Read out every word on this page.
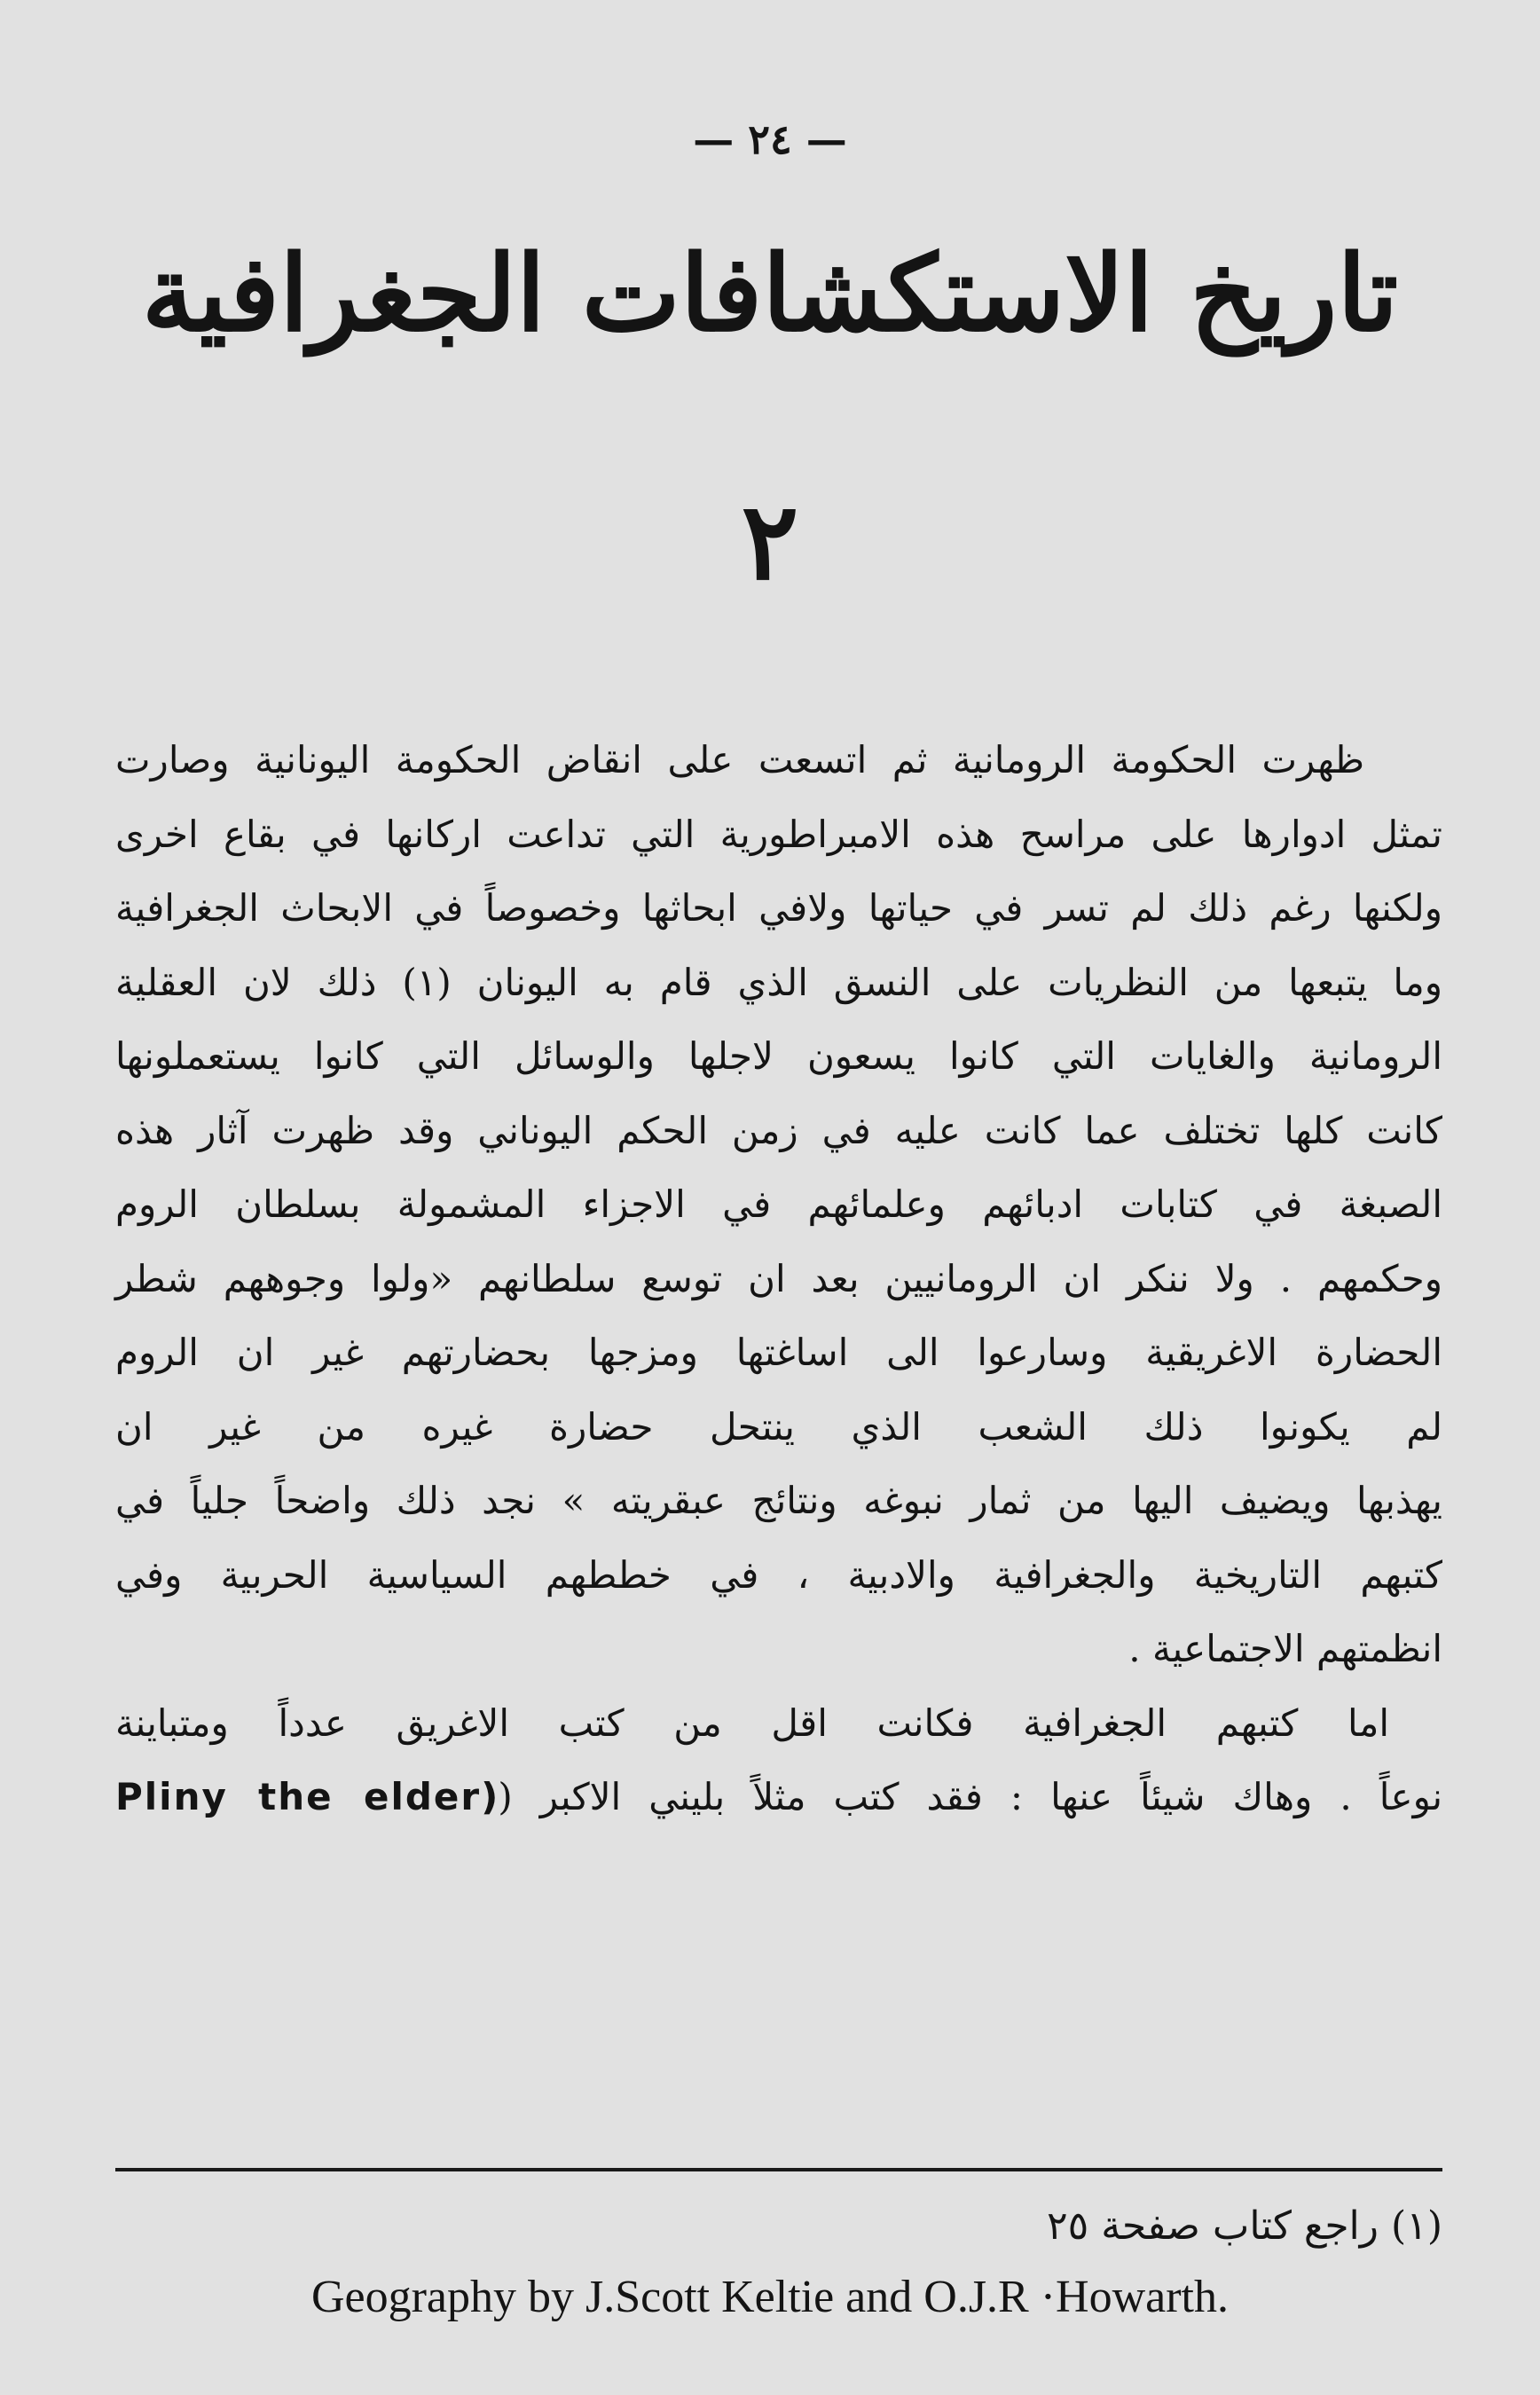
— ٢٤ —
تاريخ الاستكشافات الجغرافية
٢
ظهرت الحكومة الرومانية ثم اتسعت على انقاض الحكومة اليونانية وصارت
تمثل ادوارها على مراسح هذه الامبراطورية التي تداعت اركانها في بقاع اخرى
ولكنها رغم ذلك لم تسر في حياتها ولافي ابحاثها وخصوصاً في الابحاث الجغرافية
وما يتبعها من النظريات على النسق الذي قام به اليونان (١) ذلك لان العقلية
الرومانية والغايات التي كانوا يسعون لاجلها والوسائل التي كانوا يستعملونها
كانت كلها تختلف عما كانت عليه في زمن الحكم اليوناني وقد ظهرت آثار هذه
الصبغة في كتابات ادبائهم وعلمائهم في الاجزاء المشمولة بسلطان الروم
وحكمهم . ولا ننكر ان الرومانيين بعد ان توسع سلطانهم «ولوا وجوههم شطر
الحضارة الاغريقية وسارعوا الى اساغتها ومزجها بحضارتهم غير ان الروم
لم يكونوا ذلك الشعب الذي ينتحل حضارة غيره من غير ان
يهذبها ويضيف اليها من ثمار نبوغه ونتائج عبقريته » نجد ذلك واضحاً جلياً في
كتبهم التاريخية والجغرافية والادبية ، في خططهم السياسية الحربية وفي
انظمتهم الاجتماعية .
اما كتبهم الجغرافية فكانت اقل من كتب الاغريق عدداً ومتباينة
نوعاً . وهاك شيئاً عنها : فقد كتب مثلاً بليني الاكبر (Pliny the elder)
(١) راجع كتاب صفحة ٢٥
Geography by J.Scott Keltie and O.J.R ·Howarth.
